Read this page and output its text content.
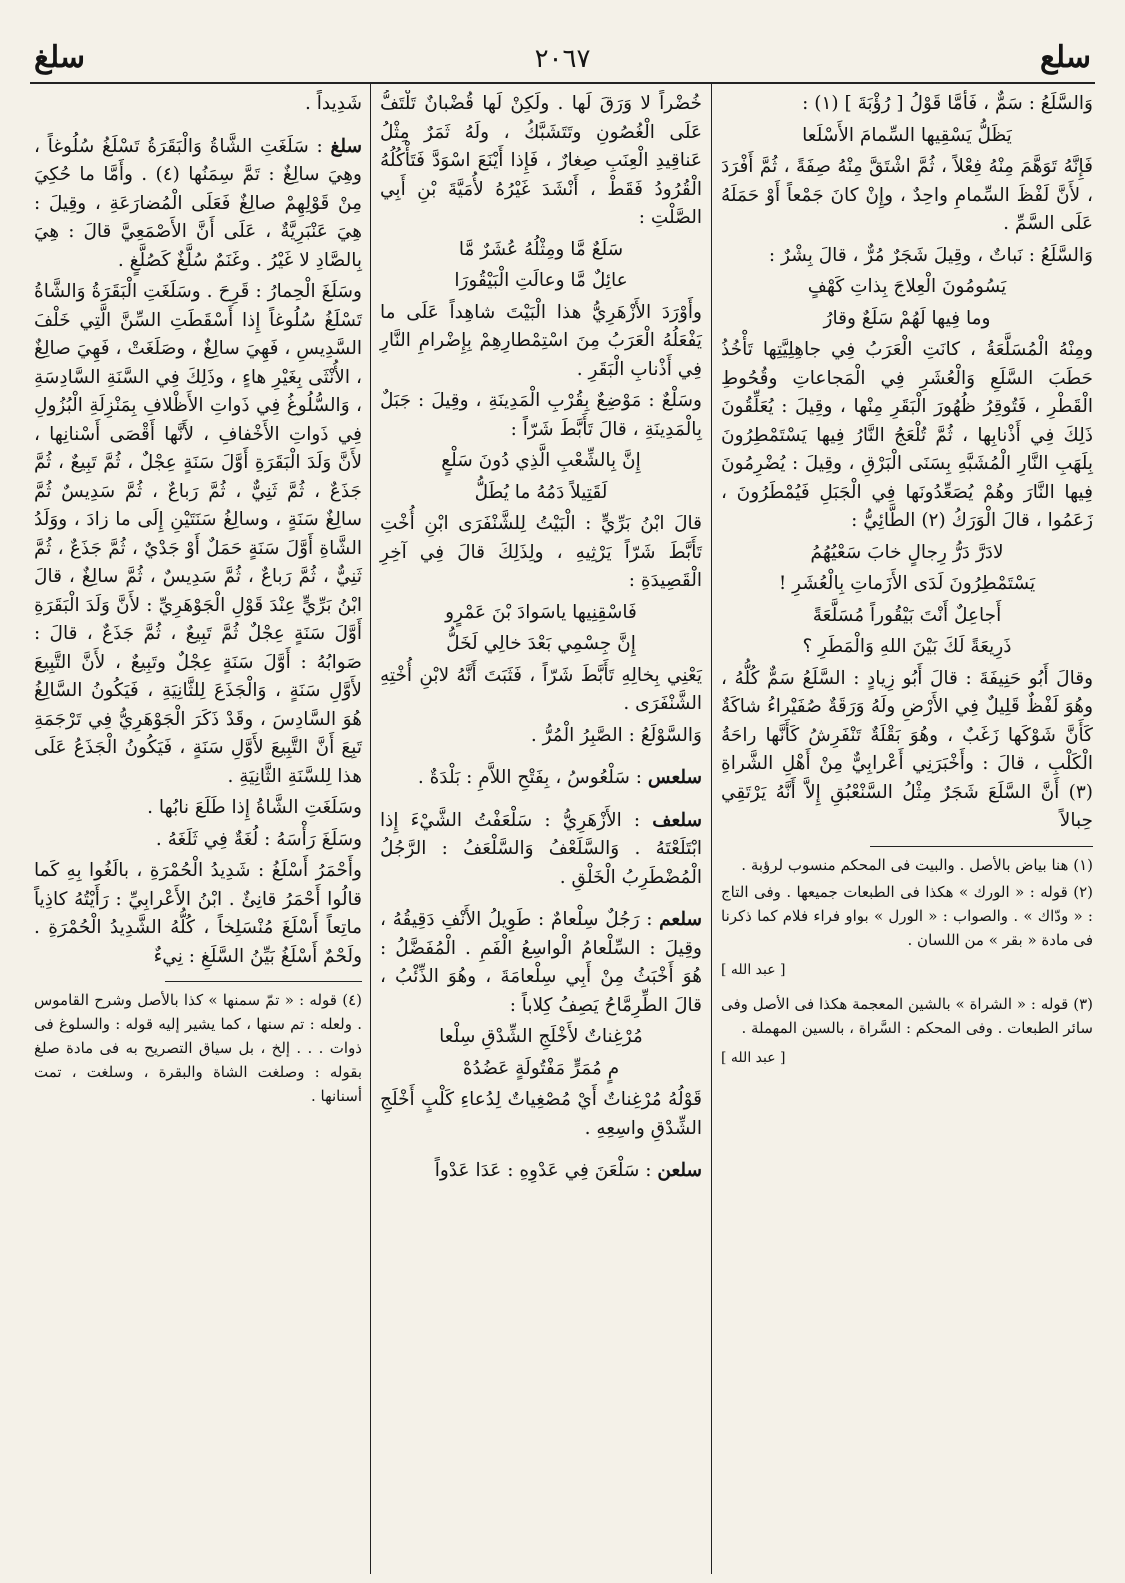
سلع
٢٠٦٧
سلغ

وَالسَّلَعُ : سَمٌّ ، فَأَمَّا قَوْلُ [ رُؤْبَةَ ] (١) :

يَظَلُّ يَسْقِيها السِّمامَ الأَسْلَعا

فَإِنَّهُ تَوَهَّمَ مِنْهُ فِعْلاً ، ثُمَّ اشْتَقَّ مِنْهُ صِفَةً ، ثُمَّ أَفْرَدَ ، لأَنَّ لَفْظَ السِّمامِ واحِدٌ ، وإِنْ كانَ جَمْعاً أَوْ حَمَلَهُ عَلَى السَّمِّ .

وَالسَّلَعُ : نَباتٌ ، وقِيلَ شَجَرٌ مُرٌّ ، قالَ بِشْرٌ :

يَسُومُونَ الْعِلاجَ بِذاتِ كَهْفٍ

وما فِيها لَهُمْ سَلَعٌ وقارُ

ومِنْهُ الْمُسَلَّعَةُ ، كانَتِ الْعَرَبُ فِي جاهِلِيَّتِها تَأْخُذُ حَطَبَ السَّلَعِ وَالْعُشَرِ فِي الْمَجاعاتِ وقُحُوطِ الْقَطْرِ ، فَتُوقِرُ ظُهُورَ الْبَقَرِ مِنْها ، وقِيلَ : يُعَلِّقُونَ ذَلِكَ فِي أَذْنابِها ، ثُمَّ تُلْعَجُ النَّارُ فِيها يَسْتَمْطِرُونَ بِلَهَبِ النَّارِ الْمُشَبَّهِ بِسَنَى الْبَرْقِ ، وقِيلَ : يُضْرِمُونَ فِيها النَّارَ وهُمْ يُصَعِّدُونَها فِي الْجَبَلِ فَيُمْطَرُونَ ، زَعَمُوا ، قالَ الْوَرَكُ (٢) الطَّائِيُّ :

لادَرَّ دَرُّ رِجالٍ خابَ سَعْيُهُمُ

يَسْتَمْطِرُونَ لَدَى الأَزَماتِ بِالْعُشَرِ !

أَجاعِلٌ أَنْتَ بَيْقُوراً مُسَلَّعَةً

ذَرِيعَةً لَكَ بَيْنَ اللهِ وَالْمَطَرِ ؟

وقالَ أَبُو حَنِيفَةَ : قالَ أَبُو زِيادٍ : السَّلَعُ سَمٌّ كُلُّهُ ، وهُوَ لَفْظٌ قَلِيلٌ فِي الأَرْضِ ولَهُ وَرَقَةٌ صُفَيْراءُ شاكَةٌ كَأَنَّ شَوْكَها زَغَبٌ ، وهُوَ بَقْلَةٌ تَنْفَرِشُ كَأَنَّها راحَةُ الْكَلْبِ ، قالَ : وأَخْبَرَنِي أَعْرابِيٌّ مِنْ أَهْلِ الشَّراةِ (٣) أَنَّ السَّلَعَ شَجَرٌ مِثْلُ السَّنْعْبُقِ إِلاَّ أَنَّهُ يَرْتَقِي حِبالاً

(١) هنا بياض بالأصل . والبيت فى المحكم منسوب لرؤبة .

(٢) قوله : « الورك » هكذا فى الطبعات جميعها . وفى التاج : « ودّاك » . والصواب : « الورل » بواو فراء فلام كما ذكرنا فى مادة « بقر » من اللسان .

[ عبد الله ]

(٣) قوله : « الشراة » بالشين المعجمة هكذا فى الأصل وفى سائر الطبعات . وفى المحكم : السَّراة ، بالسين المهملة .

[ عبد الله ]

خُضْراً لا وَرَقَ لَها . ولَكِنْ لَها قُضْبانٌ تَلْتَفُّ عَلَى الْغُصُونِ وتَتَشَبَّكُ ، ولَهُ ثَمَرٌ مِثْلُ عَناقِيدِ الْعِنَبِ صِغارٌ ، فَإِذا أَيْنَعَ اسْوَدَّ فَتَأْكُلُهُ الْقُرُودُ فَقَطْ ، أَنْشَدَ غَيْرُهُ لأُمَيَّةَ بْنِ أَبِي الصَّلْتِ :

سَلَعٌ مَّا ومِثْلُهُ عُشَرٌ مَّا

عائِلٌ مَّا وعالَتِ الْبَيْقُورَا

وأَوْرَدَ الأَزْهَرِيُّ هذا الْبَيْتَ شاهِداً عَلَى ما يَفْعَلُهُ الْعَرَبُ مِنَ اسْتِمْطارِهِمْ بِإِضْرامِ النَّارِ فِي أَذْنابِ الْبَقَرِ .

وسَلْعٌ : مَوْضِعٌ بِقُرْبِ الْمَدِينَةِ ، وقِيلَ : جَبَلٌ بِالْمَدِينَةِ ، قالَ تَأَبَّطَ شَرّاً :

إِنَّ بِالشِّعْبِ الَّذِي دُونَ سَلْعٍ

لَقَتِيلاً دَمُهُ ما يُطَلُّ

قالَ ابْنُ بَرِّيٍّ : الْبَيْتُ لِلشَّنْفَرَى ابْنِ أُخْتِ تَأَبَّطَ شَرّاً يَرْثِيهِ ، ولِذَلِكَ قالَ فِي آخِرِ الْقَصِيدَةِ :

فَاسْقِنِيها ياسَوادَ بْنَ عَمْرٍو

إِنَّ جِسْمِي بَعْدَ خالِي لَخَلُّ

يَعْنِي بِخالِهِ تَأَبَّطَ شَرّاً ، فَثَبَتَ أَنَّهُ لابْنِ أُخْتِهِ الشَّنْفَرَى .

وَالسَّوْلَعُ : الصَّبِرُ الْمُرُّ .

سلعس : سَلْعُوسُ ، بِفَتْحِ اللاَّمِ : بَلْدَةٌ .

سلعف : الأَزْهَرِيُّ : سَلْعَفْتُ الشَّيْءَ إِذا ابْتَلَعْتَهُ . وَالسَّلَعْفُ وَالسَّلْعَفُ : الرَّجُلُ الْمُضْطَرِبُ الْخَلْقِ .

سلعم : رَجُلٌ سِلْعامٌ : طَوِيلُ الأَنْفِ دَقِيقُهُ ، وقِيلَ : السِّلْعامُ الْواسِعُ الْفَمِ . الْمُفَضَّلُ : هُوَ أَخْبَثُ مِنْ أَبِي سِلْعامَةَ ، وهُوَ الذِّئْبُ ، قالَ الطِّرِمَّاحُ يَصِفُ كِلاباً :

مُرْغِناتٌ لأَخْلَجِ الشِّدْقِ سِلْعا

مٍ مُمَرٍّ مَفْتُولَةٍ عَضُدُهْ

قَوْلُهُ مُرْغِناتٌ أَيْ مُصْغِياتٌ لِدُعاءِ كَلْبٍ أَخْلَجِ الشِّدْقِ واسِعِهِ .

سلعن : سَلْعَنَ فِي عَدْوِهِ : عَدَا عَدْواً

شَدِيداً .

سلغ : سَلَغَتِ الشَّاةُ وَالْبَقَرَةُ تَسْلَغُ سُلُوغاً ، وهِيَ سالِغٌ : تَمَّ سِمَنُها (٤) . وأَمَّا ما حُكِيَ مِنْ قَوْلِهِمْ صالِغٌ فَعَلَى الْمُضارَعَةِ ، وقِيلَ : هِيَ عَنْبَرِيَّةٌ ، عَلَى أَنَّ الأَصْمَعِيَّ قالَ : هِيَ بِالصَّادِ لا غَيْرُ . وغَنَمٌ سُلَّغٌ كَصُلَّغٍ .

وسَلَغَ الْحِمارُ : قَرِحَ . وسَلَغَتِ الْبَقَرَةُ وَالشَّاةُ تَسْلَغُ سُلُوغاً إِذا أَسْقَطَتِ السِّنَّ الَّتِي خَلْفَ السَّدِيسِ ، فَهِيَ سالِغٌ ، وصَلَغَتْ ، فَهِيَ صالِغٌ ، الأُنْثَى بِغَيْرِ هاءٍ ، وذَلِكَ فِي السَّنَةِ السَّادِسَةِ ، وَالسُّلُوغُ فِي ذَواتِ الأَظْلافِ بِمَنْزِلَةِ الْبُزُولِ فِي ذَواتِ الأَخْفافِ ، لأَنَّها أَقْصَى أَسْنانِها ، لأَنَّ وَلَدَ الْبَقَرَةِ أَوَّلَ سَنَةٍ عِجْلٌ ، ثُمَّ تَبِيعٌ ، ثُمَّ جَذَعٌ ، ثُمَّ ثَنِيٌّ ، ثُمَّ رَباعٌ ، ثُمَّ سَدِيسٌ ثُمَّ سالِغٌ سَنَةٍ ، وسالِغُ سَنَتَيْنِ إِلَى ما زادَ ، ووَلَدُ الشَّاةِ أَوَّلَ سَنَةٍ حَمَلٌ أَوْ جَدْيٌ ، ثُمَّ جَذَعٌ ، ثُمَّ ثَنِيٌّ ، ثُمَّ رَباعٌ ، ثُمَّ سَدِيسٌ ، ثُمَّ سالِغٌ ، قالَ ابْنُ بَرِّيٍّ عِنْدَ قَوْلِ الْجَوْهَرِيِّ : لأَنَّ وَلَدَ الْبَقَرَةِ أَوَّلَ سَنَةٍ عِجْلٌ ثُمَّ تَبِيعٌ ، ثُمَّ جَذَعٌ ، قالَ : صَوابُهُ : أَوَّلَ سَنَةٍ عِجْلٌ وتَبِيعٌ ، لأَنَّ التَّبِيعَ لأَوَّلِ سَنَةٍ ، وَالْجَذَعَ لِلثَّانِيَةِ ، فَيَكُونُ السَّالِغُ هُوَ السَّادِسَ ، وقَدْ ذَكَرَ الْجَوْهَرِيُّ فِي تَرْجَمَةِ تَبِعَ أَنَّ التَّبِيعَ لأَوَّلِ سَنَةٍ ، فَيَكُونُ الْجَذَعُ عَلَى هذا لِلسَّنَةِ الثَّانِيَةِ .

وسَلَغَتِ الشَّاةُ إِذا طَلَعَ نابُها .

وسَلَغَ رَأْسَهُ : لُغَةٌ فِي ثَلَغَهُ .

وأَحْمَرُ أَسْلَغُ : شَدِيدُ الْحُمْرَةِ ، بالَغُوا بِهِ كَما قالُوا أَحْمَرُ قانِئٌ . ابْنُ الأَعْرابِيِّ : رَأَيْتُهُ كاذِياً ماتِعاً أَسْلَغَ مُنْسَلِخاً ، كُلُّهُ الشَّدِيدُ الْحُمْرَةِ . ولَحْمٌ أَسْلَغُ بَيِّنُ السَّلَغِ : نِيءٌ

(٤) قوله : « تمّ سمنها » كذا بالأصل وشرح القاموس . ولعله : تم سنها ، كما يشير إليه قوله : والسلوغ فى ذوات . . . إلخ ، بل سياق التصريح به فى مادة صلغ بقوله : وصلغت الشاة والبقرة ، وسلغت ، تمت أسنانها .
